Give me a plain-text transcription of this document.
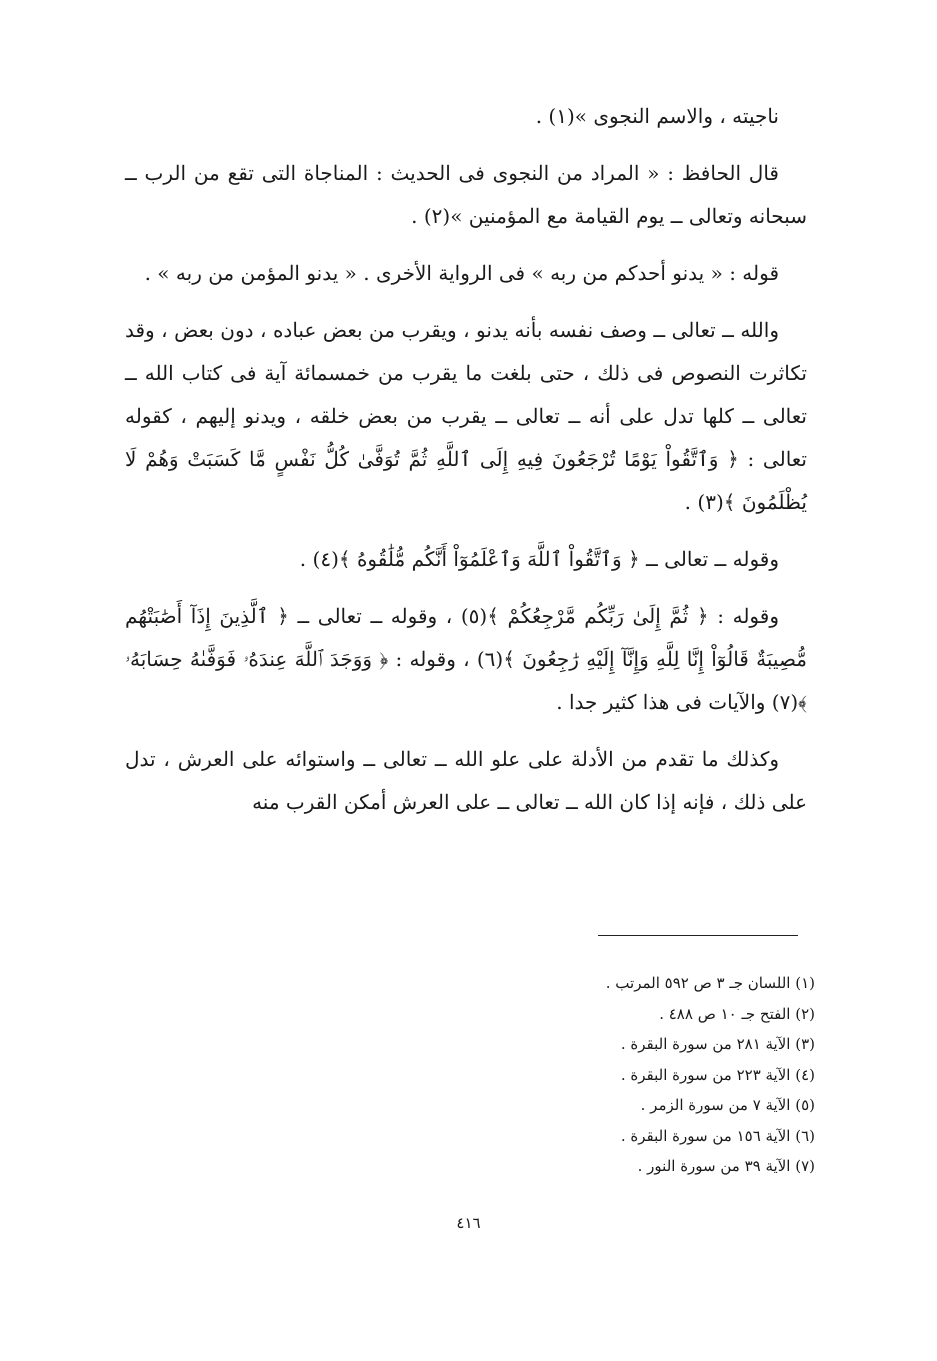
ناجيته ، والاسم النجوى »(١) .

قال الحافظ : « المراد من النجوى فى الحديث : المناجاة التى تقع من الرب ــ سبحانه وتعالى ــ يوم القيامة مع المؤمنين »(٢) .

قوله : « يدنو أحدكم من ربه » فى الرواية الأخرى . « يدنو المؤمن من ربه » .

والله ــ تعالى ــ وصف نفسه بأنه يدنو ، ويقرب من بعض عباده ، دون بعض ، وقد تكاثرت النصوص فى ذلك ، حتى بلغت ما يقرب من خمسمائة آية فى كتاب الله ــ تعالى ــ كلها تدل على أنه ــ تعالى ــ يقرب من بعض خلقه ، ويدنو إليهم ، كقوله تعالى : ﴿ وَٱتَّقُواْ يَوْمًا تُرْجَعُونَ فِيهِ إِلَى ٱللَّهِ ثُمَّ تُوَفَّىٰ كُلُّ نَفْسٍ مَّا كَسَبَتْ وَهُمْ لَا يُظْلَمُونَ ﴾(٣) .

وقوله ــ تعالى ــ ﴿ وَٱتَّقُواْ ٱللَّهَ وَٱعْلَمُوٓاْ أَنَّكُم مُّلَٰقُوهُ ﴾(٤) .

وقوله : ﴿ ثُمَّ إِلَىٰ رَبِّكُم مَّرْجِعُكُمْ ﴾(٥) ، وقوله ــ تعالى ــ ﴿ ٱلَّذِينَ إِذَآ أَصَٰبَتْهُم مُّصِيبَةٌ قَالُوٓاْ إِنَّا لِلَّهِ وَإِنَّآ إِلَيْهِ رَٰجِعُونَ ﴾(٦) ، وقوله : ﴿ وَوَجَدَ ٱللَّهَ عِندَهُۥ فَوَفَّىٰهُ حِسَابَهُۥ ﴾(٧) والآيات فى هذا كثير جدا .

وكذلك ما تقدم من الأدلة على علو الله ــ تعالى ــ واستوائه على العرش ، تدل على ذلك ، فإنه إذا كان الله ــ تعالى ــ على العرش أمكن القرب منه

(١) اللسان جـ ٣ ص ٥٩٢ المرتب .
(٢) الفتح جـ ١٠ ص ٤٨٨ .
(٣) الآية ٢٨١ من سورة البقرة .
(٤) الآية ٢٢٣ من سورة البقرة .
(٥) الآية ٧ من سورة الزمر .
(٦) الآية ١٥٦ من سورة البقرة .
(٧) الآية ٣٩ من سورة النور .
٤١٦
